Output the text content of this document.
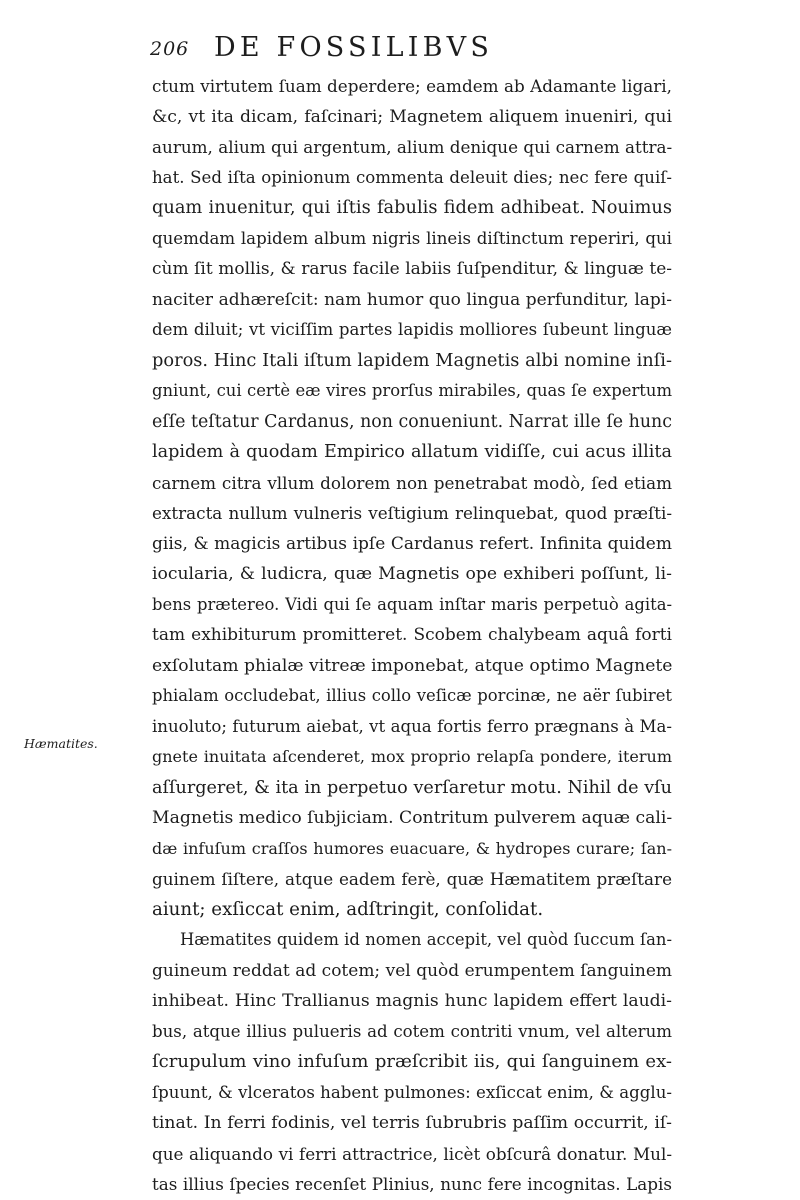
206 DE FOSSILIBVS
Hæmatites.
ctum virtutem ſuam deperdere; eamdem ab Adamante ligari,
&c, vt ita dicam, faſcinari; Magnetem aliquem inueniri, qui
aurum, alium qui argentum, alium denique qui carnem attra-
hat. Sed iſta opinionum commenta deleuit dies; nec fere quiſ-
quam inuenitur, qui iſtis fabulis fidem adhibeat. Nouimus
quemdam lapidem album nigris lineis diſtinctum reperiri, qui
cùm ſit mollis, & rarus facile labiis ſuſpenditur, & linguæ te-
naciter adhæreſcit: nam humor quo lingua perfunditur, lapi-
dem diluit; vt viciſſim partes lapidis molliores ſubeunt linguæ
poros. Hinc Itali iſtum lapidem Magnetis albi nomine inſi-
gniunt, cui certè eæ vires prorſus mirabiles, quas ſe expertum
eſſe teſtatur Cardanus, non conueniunt. Narrat ille ſe hunc
lapidem à quodam Empirico allatum vidiſſe, cui acus illita
carnem citra vllum dolorem non penetrabat modò, ſed etiam
extracta nullum vulneris veſtigium relinquebat, quod præſti-
giis, & magicis artibus ipſe Cardanus refert. Infinita quidem
iocularia, & ludicra, quæ Magnetis ope exhiberi poſſunt, li-
bens prætereo. Vidi qui ſe aquam inſtar maris perpetuò agita-
tam exhibiturum promitteret. Scobem chalybeam aquâ forti
exſolutam phialæ vitreæ imponebat, atque optimo Magnete
phialam occludebat, illius collo veſicæ porcinæ, ne aër ſubiret
inuoluto; futurum aiebat, vt aqua fortis ferro prægnans à Ma-
gnete inuitata aſcenderet, mox proprio relapſa pondere, iterum
aſſurgeret, & ita in perpetuo verſaretur motu. Nihil de vſu
Magnetis medico ſubjiciam. Contritum pulverem aquæ cali-
dæ infuſum craſſos humores euacuare, & hydropes curare; ſan-
guinem ſiſtere, atque eadem ferè, quæ Hæmatitem præſtare
aiunt; exſiccat enim, adſtringit, conſolidat.
Hæmatites quidem id nomen accepit, vel quòd ſuccum ſan-
guineum reddat ad cotem; vel quòd erumpentem ſanguinem
inhibeat. Hinc Trallianus magnis hunc lapidem effert laudi-
bus, atque illius pulueris ad cotem contriti vnum, vel alterum
ſcrupulum vino infuſum præſcribit iis, qui ſanguinem ex-
ſpuunt, & vlceratos habent pulmones: exſiccat enim, & agglu-
tinat. In ferri fodinis, vel terris ſubrubris paſſim occurrit, iſ-
que aliquando vi ferri attractrice, licèt obſcurâ donatur. Mul-
tas illius ſpecies recenſet Plinius, nunc fere incognitas. Lapis
